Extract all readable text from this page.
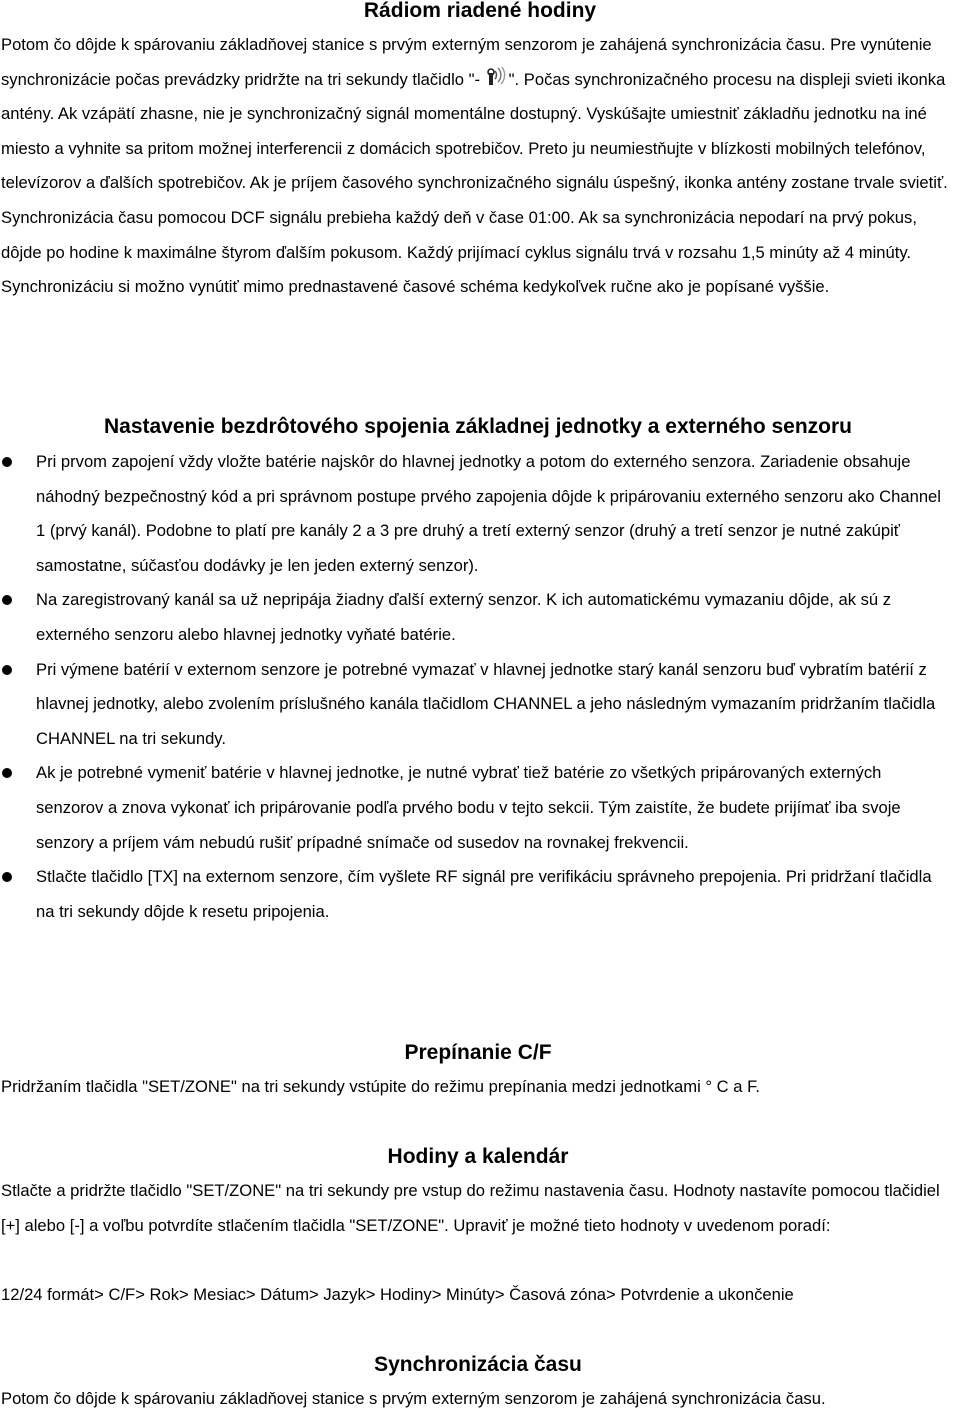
Rádiom riadené hodiny

Potom čo dôjde k spárovaniu základňovej stanice s prvým externým senzorom je zahájená synchronizácia času. Pre vynútenie synchronizácie počas prevádzky pridržte na tri sekundy tlačidlo "- ". Počas synchronizačného procesu na displeji svieti ikonka antény. Ak vzápätí zhasne, nie je synchronizačný signál momentálne dostupný. Vyskúšajte umiestniť základňu jednotku na iné miesto a vyhnite sa pritom možnej interferencii z domácich spotrebičov. Preto ju neumiestňujte v blízkosti mobilných telefónov, televízorov a ďalších spotrebičov. Ak je príjem časového synchronizačného signálu úspešný, ikonka antény zostane trvale svietiť. Synchronizácia času pomocou DCF signálu prebieha každý deň v čase 01:00. Ak sa synchronizácia nepodarí na prvý pokus, dôjde po hodine k maximálne štyrom ďalším pokusom. Každý prijímací cyklus signálu trvá v rozsahu 1,5 minúty až 4 minúty. Synchronizáciu si možno vynútiť mimo prednastavené časové schéma kedykoľvek ručne ako je popísané vyššie.

Nastavenie bezdrôtového spojenia základnej jednotky a externého senzoru
Pri prvom zapojení vždy vložte batérie najskôr do hlavnej jednotky a potom do externého senzora. Zariadenie obsahuje náhodný bezpečnostný kód a pri správnom postupe prvého zapojenia dôjde k pripárovaniu externého senzoru ako Channel 1 (prvý kanál). Podobne to platí pre kanály 2 a 3 pre druhý a tretí externý senzor (druhý a tretí senzor je nutné zakúpiť samostatne, súčasťou dodávky je len jeden externý senzor).
Na zaregistrovaný kanál sa už nepripája žiadny ďalší externý senzor. K ich automatickému vymazaniu dôjde, ak sú z externého senzoru alebo hlavnej jednotky vyňaté batérie.
Pri výmene batérií v externom senzore je potrebné vymazať v hlavnej jednotke starý kanál senzoru buď vybratím batérií z hlavnej jednotky, alebo zvolením príslušného kanála tlačidlom CHANNEL a jeho následným vymazaním pridržaním tlačidla CHANNEL na tri sekundy.
Ak je potrebné vymeniť batérie v hlavnej jednotke, je nutné vybrať tiež batérie zo všetkých pripárovaných externých senzorov a znova vykonať ich pripárovanie podľa prvého bodu v tejto sekcii. Tým zaistíte, že budete prijímať iba svoje senzory a príjem vám nebudú rušiť prípadné snímače od susedov na rovnakej frekvencii.
Stlačte tlačidlo [TX] na externom senzore, čím vyšlete RF signál pre verifikáciu správneho prepojenia. Pri pridržaní tlačidla na tri sekundy dôjde k resetu pripojenia.
Prepínanie C/F

Pridržaním tlačidla "SET/ZONE" na tri sekundy vstúpite do režimu prepínania medzi jednotkami ° C a F.

Hodiny a kalendár

Stlačte a pridržte tlačidlo "SET/ZONE" na tri sekundy pre vstup do režimu nastavenia času. Hodnoty nastavíte pomocou tlačidiel [+] alebo [-] a voľbu potvrdíte stlačením tlačidla "SET/ZONE". Upraviť je možné tieto hodnoty v uvedenom poradí:

12/24 formát> C/F> Rok> Mesiac> Dátum> Jazyk> Hodiny> Minúty> Časová zóna> Potvrdenie a ukončenie

Synchronizácia času

Potom čo dôjde k spárovaniu základňovej stanice s prvým externým senzorom je zahájená synchronizácia času.
